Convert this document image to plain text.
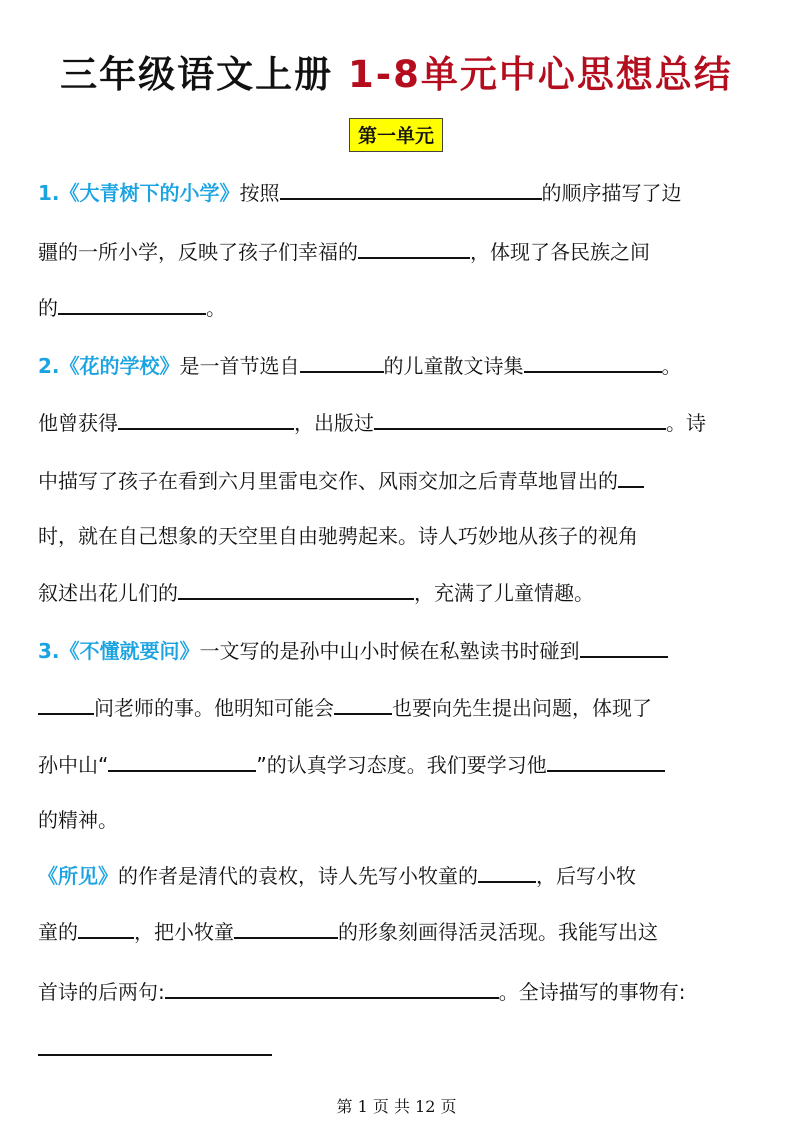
三年级语文上册 1-8单元中心思想总结
第一单元
1.《大青树下的小学》按照	的顺序描写了边
疆的一所小学，反映了孩子们幸福的	，体现了各民族之间
的	。
2.《花的学校》是一首节选自	的儿童散文诗集	。
他曾获得	，出版过	。诗
中描写了孩子在看到六月里雷电交作、风雨交加之后青草地冒出的
时，就在自己想象的天空里自由驰骋起来。诗人巧妙地从孩子的视角
叙述出花儿们的	，充满了儿童情趣。
3.《不懂就要问》一文写的是孙中山小时候在私塾读书时碰到
问老师的事。他明知可能会	也要向先生提出问题，体现了
孙中山“	”的认真学习态度。我们要学习他
的精神。
《所见》的作者是清代的袁枚，诗人先写小牧童的	，后写小牧
童的	，把小牧童	的形象刻画得活灵活现。我能写出这
首诗的后两句:	。全诗描写的事物有:
第 1 页 共 12 页
